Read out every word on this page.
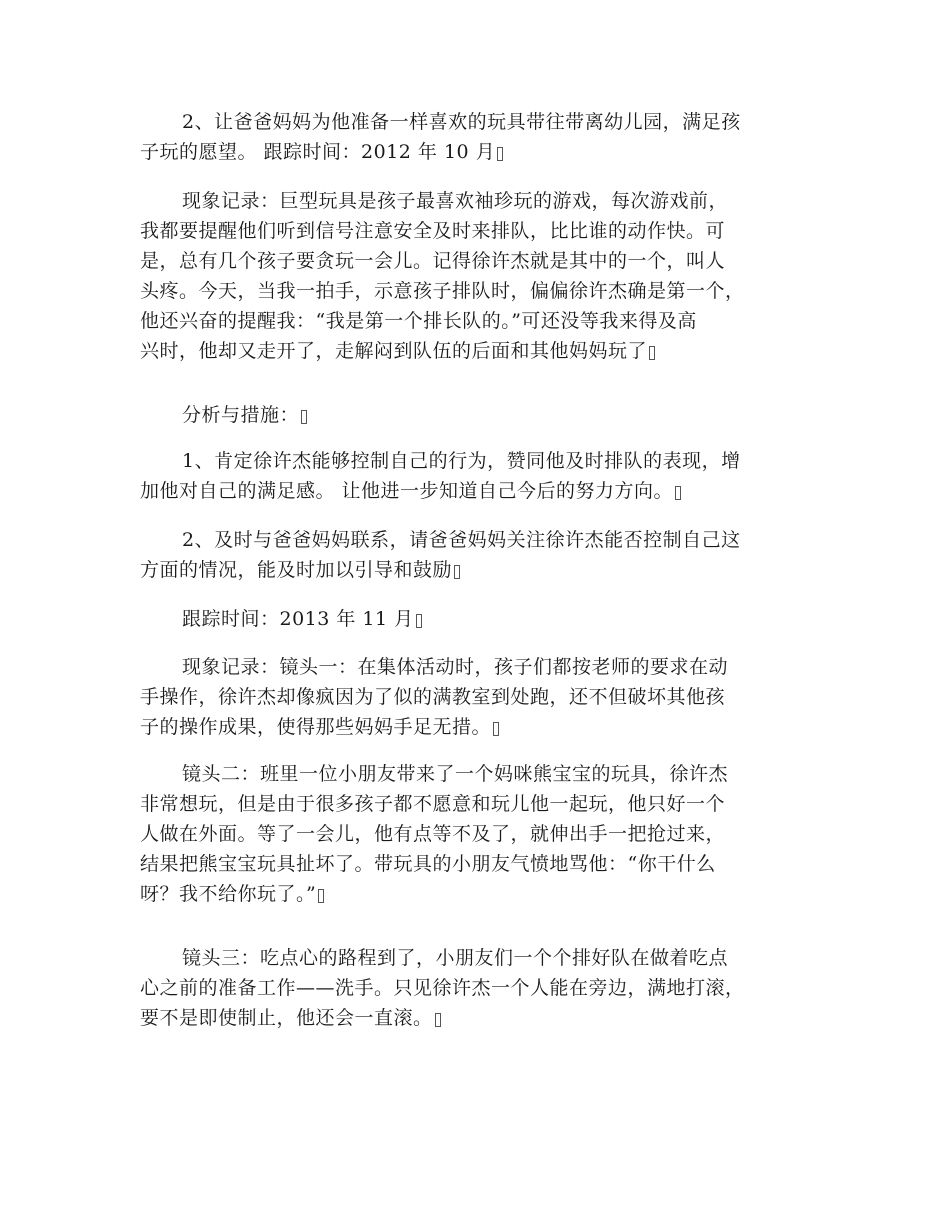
2、让爸爸妈妈为他准备一样喜欢的玩具带往带离幼儿园，满足孩
子玩的愿望。 跟踪时间：2012 年 10 月
现象记录：巨型玩具是孩子最喜欢袖珍玩的游戏，每次游戏前，
我都要提醒他们听到信号注意安全及时来排队，比比谁的动作快。可
是，总有几个孩子要贪玩一会儿。记得徐许杰就是其中的一个，叫人
头疼。今天，当我一拍手，示意孩子排队时，偏偏徐许杰确是第一个，
他还兴奋的提醒我：“我是第一个排长队的。”可还没等我来得及高
兴时，他却又走开了，走解闷到队伍的后面和其他妈妈玩了
分析与措施：
1、肯定徐许杰能够控制自己的行为，赞同他及时排队的表现，增
加他对自己的满足感。 让他进一步知道自己今后的努力方向。
2、及时与爸爸妈妈联系，请爸爸妈妈关注徐许杰能否控制自己这
方面的情况，能及时加以引导和鼓励
跟踪时间：2013 年 11 月
现象记录：镜头一：在集体活动时，孩子们都按老师的要求在动
手操作，徐许杰却像疯因为了似的满教室到处跑，还不但破坏其他孩
子的操作成果，使得那些妈妈手足无措。
镜头二：班里一位小朋友带来了一个妈咪熊宝宝的玩具，徐许杰
非常想玩，但是由于很多孩子都不愿意和玩儿他一起玩，他只好一个
人做在外面。等了一会儿，他有点等不及了，就伸出手一把抢过来，
结果把熊宝宝玩具扯坏了。带玩具的小朋友气愤地骂他：“你干什么
呀？我不给你玩了。”
镜头三：吃点心的路程到了，小朋友们一个个排好队在做着吃点
心之前的准备工作——洗手。只见徐许杰一个人能在旁边，满地打滚，
要不是即使制止，他还会一直滚。
